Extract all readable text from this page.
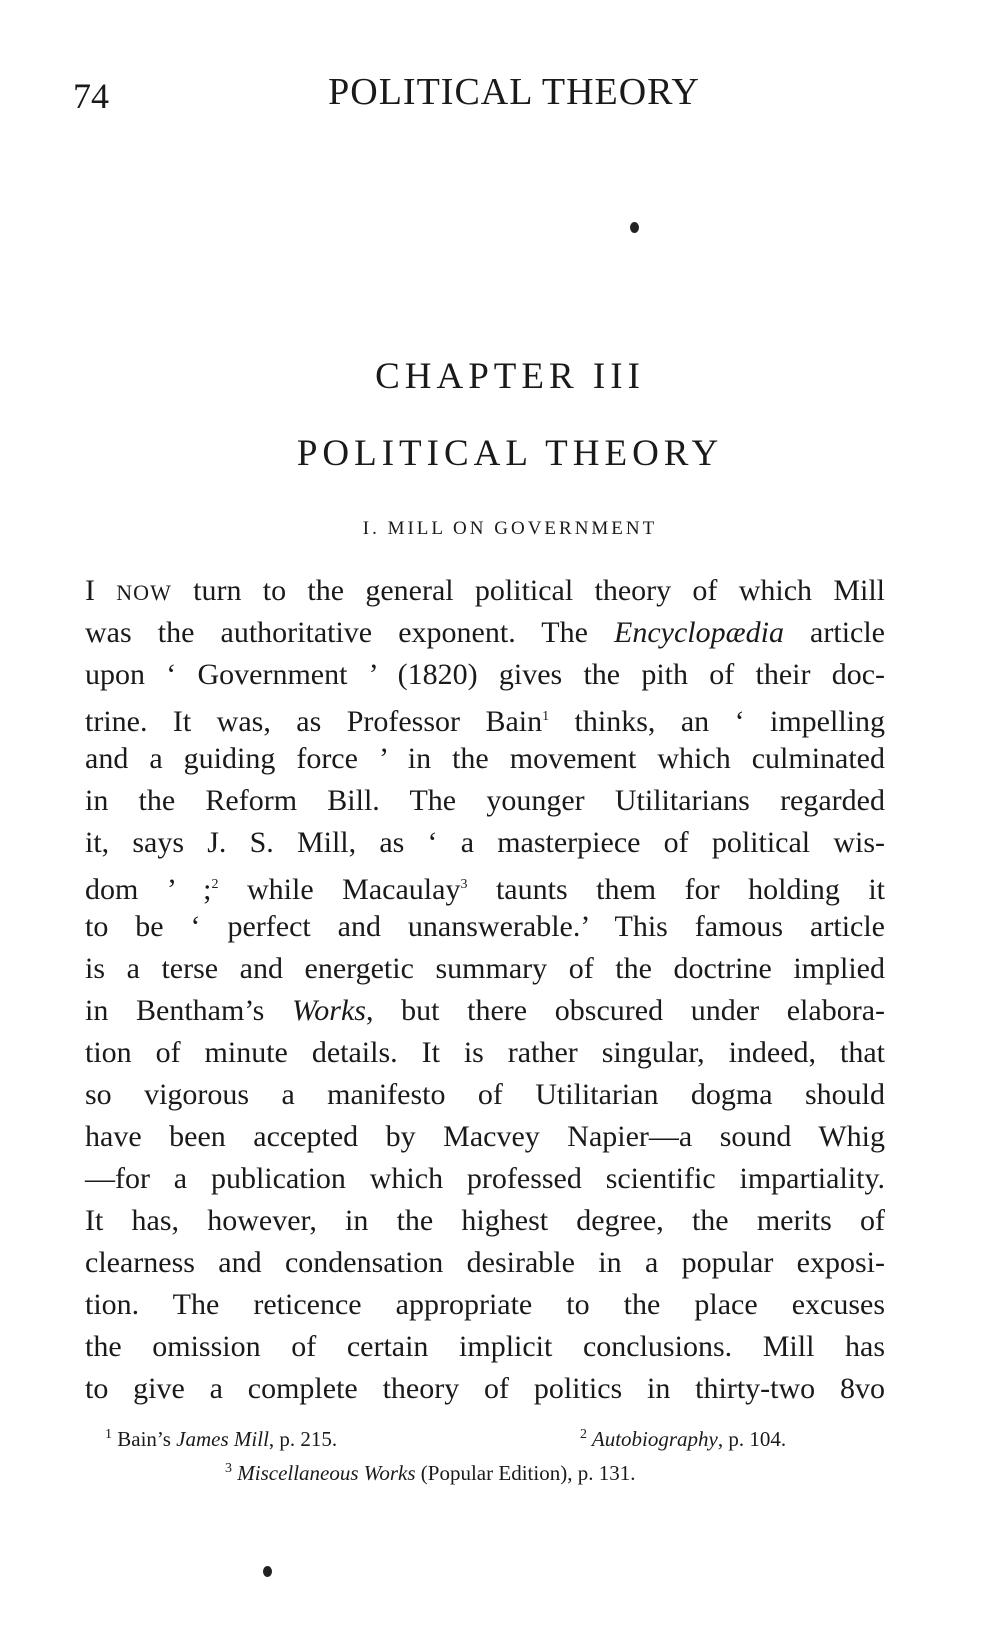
74	POLITICAL THEORY
CHAPTER III
POLITICAL THEORY
I. MILL ON GOVERNMENT
I NOW turn to the general political theory of which Mill
was the authoritative exponent. The Encyclopædia article
upon ‘ Government ’ (1820) gives the pith of their doc-
trine. It was, as Professor Bain$^1$ thinks, an ‘ impelling
and a guiding force ’ in the movement which culminated
in the Reform Bill. The younger Utilitarians regarded
it, says J. S. Mill, as ‘ a masterpiece of political wis-
dom ’ ;$^2$ while Macaulay$^3$ taunts them for holding it
to be ‘ perfect and unanswerable.’ This famous article
is a terse and energetic summary of the doctrine implied
in Bentham’s Works, but there obscured under elabora-
tion of minute details. It is rather singular, indeed, that
so vigorous a manifesto of Utilitarian dogma should
have been accepted by Macvey Napier—a sound Whig
—for a publication which professed scientific impartiality.
It has, however, in the highest degree, the merits of
clearness and condensation desirable in a popular exposi-
tion. The reticence appropriate to the place excuses
the omission of certain implicit conclusions. Mill has
to give a complete theory of politics in thirty-two 8vo
$^1$ Bain’s James Mill, p. 215.	$^2$ Autobiography, p. 104.
$^3$ Miscellaneous Works (Popular Edition), p. 131.
